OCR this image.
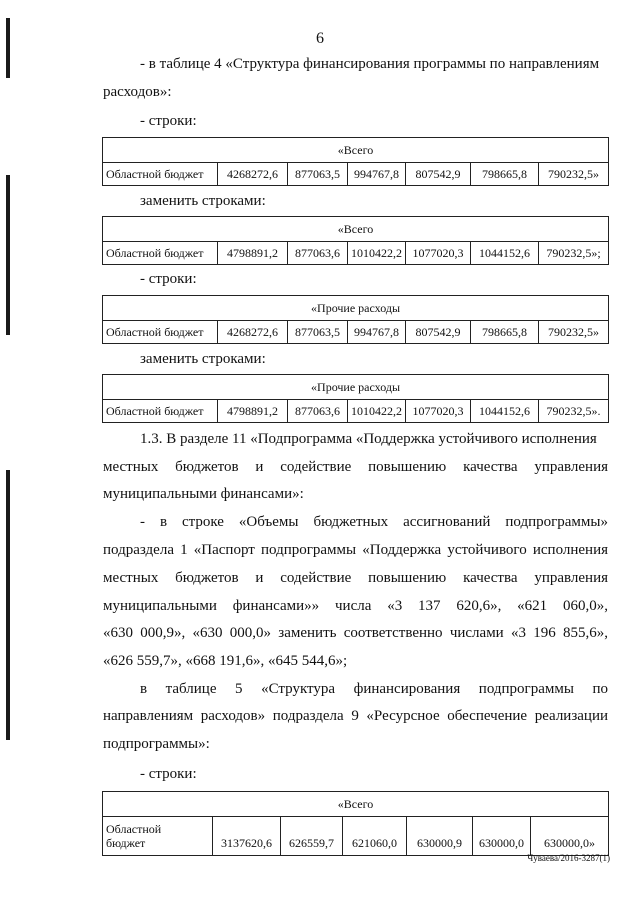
6
- в таблице 4 «Структура финансирования программы по направлениям
расходов»:
- строки:
«Всего
Областной бюджет	4268272,6	877063,5	994767,8	807542,9	798665,8	790232,5»
заменить строками:
«Всего
Областной бюджет	4798891,2	877063,6	1010422,2	1077020,3	1044152,6	790232,5»;
- строки:
«Прочие расходы
Областной бюджет	4268272,6	877063,5	994767,8	807542,9	798665,8	790232,5»
заменить строками:
«Прочие расходы
Областной бюджет	4798891,2	877063,6	1010422,2	1077020,3	1044152,6	790232,5».
1.3. В разделе 11 «Подпрограмма «Поддержка устойчивого исполнения
местных бюджетов и содействие повышению качества управления
муниципальными финансами»:
- в строке «Объемы бюджетных ассигнований подпрограммы»
подраздела 1 «Паспорт подпрограммы «Поддержка устойчивого исполнения
местных бюджетов и содействие повышению качества управления
муниципальными финансами»» числа «3 137 620,6», «621 060,0»,
«630 000,9», «630 000,0» заменить соответственно числами «3 196 855,6»,
«626 559,7», «668 191,6», «645 544,6»;
в таблице 5 «Структура финансирования подпрограммы по
направлениям расходов» подраздела 9 «Ресурсное обеспечение реализации
подпрограммы»:
- строки:
«Всего
Областной
бюджет	3137620,6	626559,7	621060,0	630000,9	630000,0	630000,0»
Чуваева/2016-3287(1)
